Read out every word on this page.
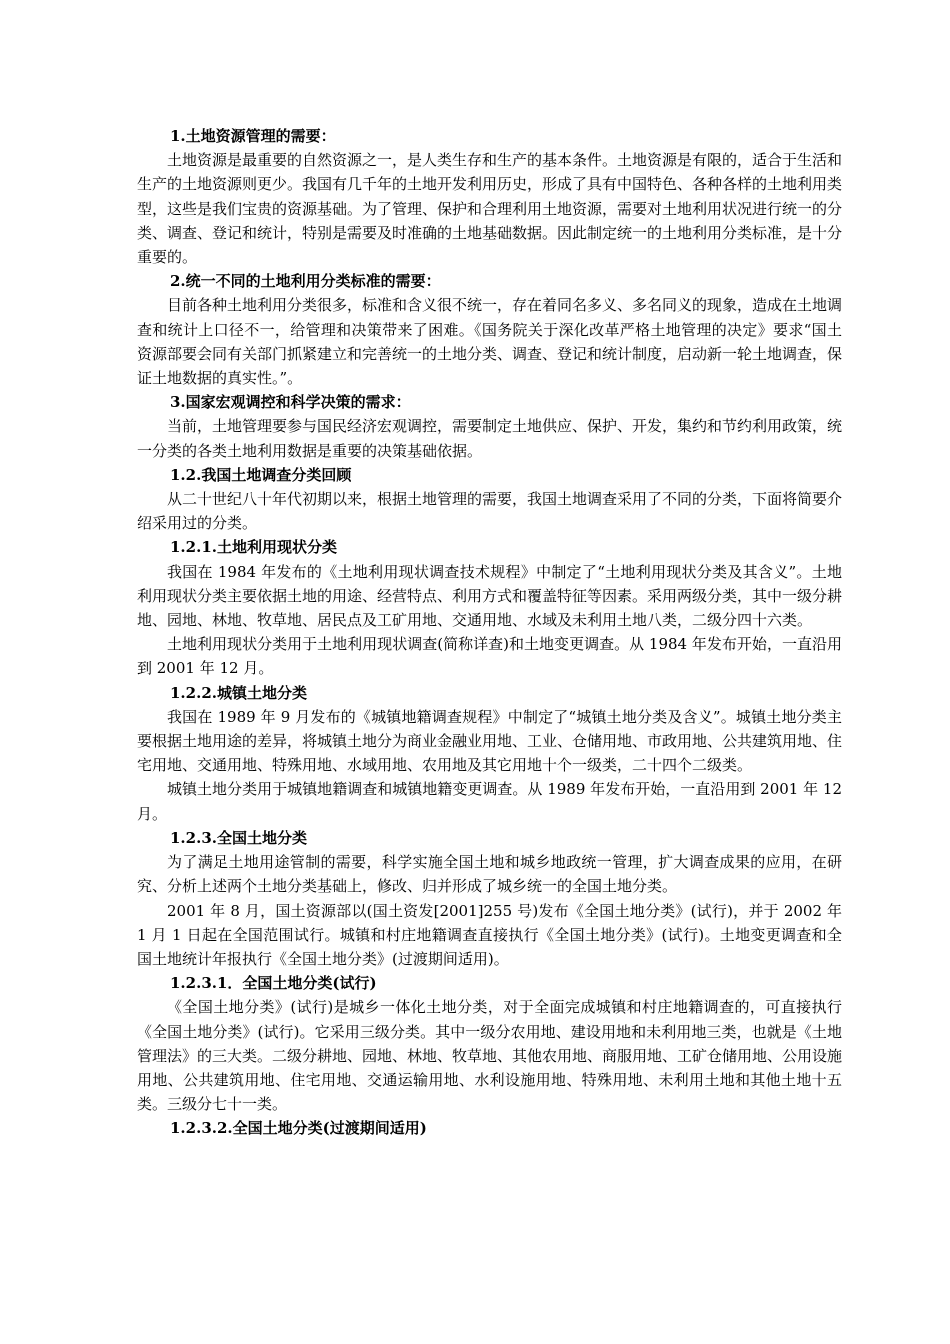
1.土地资源管理的需要：

土地资源是最重要的自然资源之一，是人类生存和生产的基本条件。土地资源是有限的，适合于生活和生产的土地资源则更少。我国有几千年的土地开发利用历史，形成了具有中国特色、各种各样的土地利用类型，这些是我们宝贵的资源基础。为了管理、保护和合理利用土地资源，需要对土地利用状况进行统一的分类、调查、登记和统计，特别是需要及时准确的土地基础数据。因此制定统一的土地利用分类标准，是十分重要的。

2.统一不同的土地利用分类标准的需要：

目前各种土地利用分类很多，标准和含义很不统一，存在着同名多义、多名同义的现象，造成在土地调查和统计上口径不一，给管理和决策带来了困难。《国务院关于深化改革严格土地管理的决定》要求“国土资源部要会同有关部门抓紧建立和完善统一的土地分类、调查、登记和统计制度，启动新一轮土地调查，保证土地数据的真实性。”。

3.国家宏观调控和科学决策的需求：

当前，土地管理要参与国民经济宏观调控，需要制定土地供应、保护、开发，集约和节约利用政策，统一分类的各类土地利用数据是重要的决策基础依据。

1.2.我国土地调查分类回顾

从二十世纪八十年代初期以来，根据土地管理的需要，我国土地调查采用了不同的分类，下面将简要介绍采用过的分类。

1.2.1.土地利用现状分类

我国在 1984 年发布的《土地利用现状调查技术规程》中制定了“土地利用现状分类及其含义”。土地利用现状分类主要依据土地的用途、经营特点、利用方式和覆盖特征等因素。采用两级分类，其中一级分耕地、园地、林地、牧草地、居民点及工矿用地、交通用地、水域及未利用土地八类，二级分四十六类。

土地利用现状分类用于土地利用现状调查(简称详查)和土地变更调查。从 1984 年发布开始，一直沿用到 2001 年 12 月。

1.2.2.城镇土地分类

我国在 1989 年 9 月发布的《城镇地籍调查规程》中制定了“城镇土地分类及含义”。城镇土地分类主要根据土地用途的差异，将城镇土地分为商业金融业用地、工业、仓储用地、市政用地、公共建筑用地、住宅用地、交通用地、特殊用地、水域用地、农用地及其它用地十个一级类，二十四个二级类。

城镇土地分类用于城镇地籍调查和城镇地籍变更调查。从 1989 年发布开始，一直沿用到 2001 年 12 月。

1.2.3.全国土地分类

为了满足土地用途管制的需要，科学实施全国土地和城乡地政统一管理，扩大调查成果的应用，在研究、分析上述两个土地分类基础上，修改、归并形成了城乡统一的全国土地分类。

2001 年 8 月，国土资源部以(国土资发[2001]255 号)发布《全国土地分类》(试行)，并于 2002 年 1 月 1 日起在全国范围试行。城镇和村庄地籍调查直接执行《全国土地分类》(试行)。土地变更调查和全国土地统计年报执行《全国土地分类》(过渡期间适用)。

1.2.3.1．全国土地分类(试行)

《全国土地分类》(试行)是城乡一体化土地分类，对于全面完成城镇和村庄地籍调查的，可直接执行《全国土地分类》(试行)。它采用三级分类。其中一级分农用地、建设用地和未利用地三类，也就是《土地管理法》的三大类。二级分耕地、园地、林地、牧草地、其他农用地、商服用地、工矿仓储用地、公用设施用地、公共建筑用地、住宅用地、交通运输用地、水利设施用地、特殊用地、未利用土地和其他土地十五类。三级分七十一类。

1.2.3.2.全国土地分类(过渡期间适用)
